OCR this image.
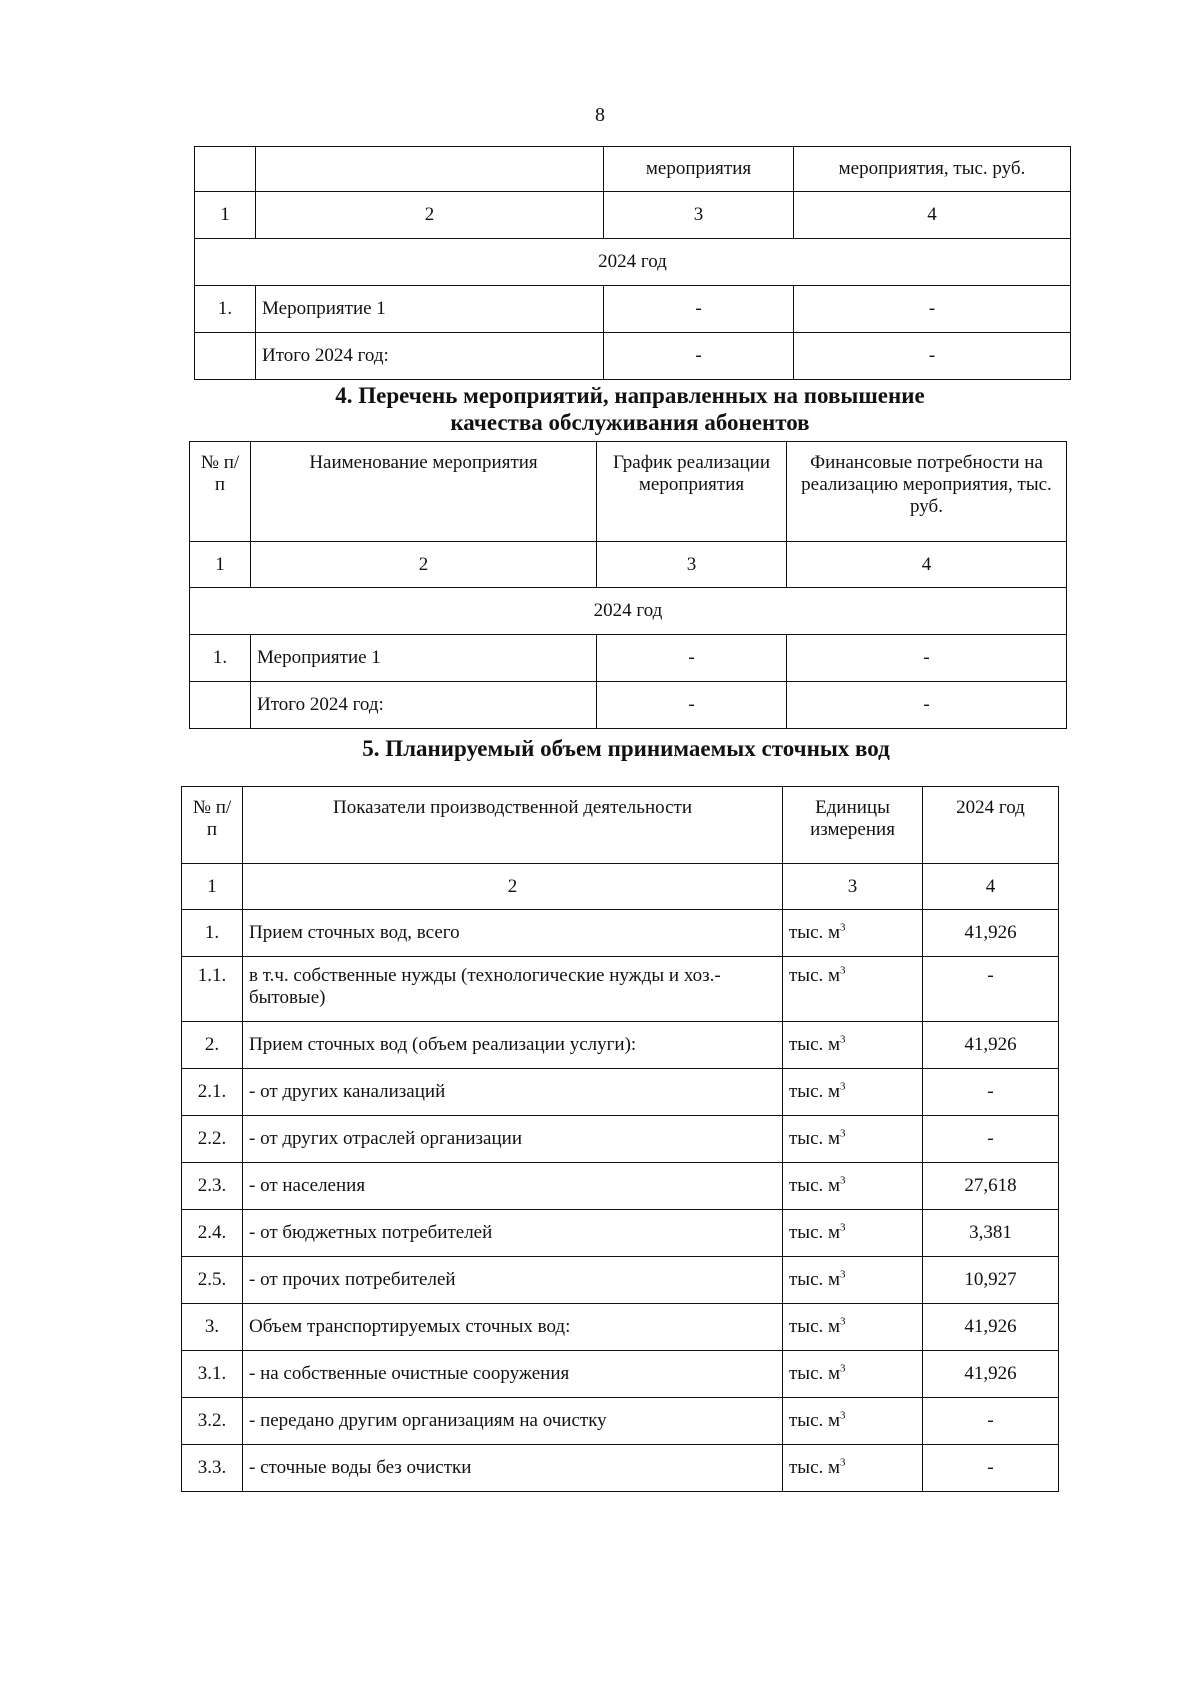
8
		мероприятия	мероприятия, тыс. руб.
1	2	3	4
2024 год			
1.	Мероприятие 1	-	-
	Итого 2024 год:	-	-
4. Перечень мероприятий, направленных на повышение
качества обслуживания абонентов
№ п/п	Наименование мероприятия	График реализации мероприятия	Финансовые потребности на реализацию мероприятия, тыс. руб.
1	2	3	4
2024 год			
1.	Мероприятие 1	-	-
	Итого 2024 год:	-	-
5. Планируемый объем принимаемых сточных вод
№ п/п	Показатели производственной деятельности	Единицы измерения	2024 год
1	2	3	4
1.	Прием сточных вод, всего	тыс. $м^3$	41,926
1.1.	в т.ч. собственные нужды (технологические нужды и хоз.-бытовые)	тыс. $м^3$	-
2.	Прием сточных вод (объем реализации услуги):	тыс. $м^3$	41,926
2.1.	- от других канализаций	тыс. $м^3$	-
2.2.	- от других отраслей организации	тыс. $м^3$	-
2.3.	- от населения	тыс. $м^3$	27,618
2.4.	- от бюджетных потребителей	тыс. $м^3$	3,381
2.5.	- от прочих потребителей	тыс. $м^3$	10,927
3.	Объем транспортируемых сточных вод:	тыс. $м^3$	41,926
3.1.	- на собственные очистные сооружения	тыс. $м^3$	41,926
3.2.	- передано другим организациям на очистку	тыс. $м^3$	-
3.3.	- сточные воды без очистки	тыс. $м^3$	-
